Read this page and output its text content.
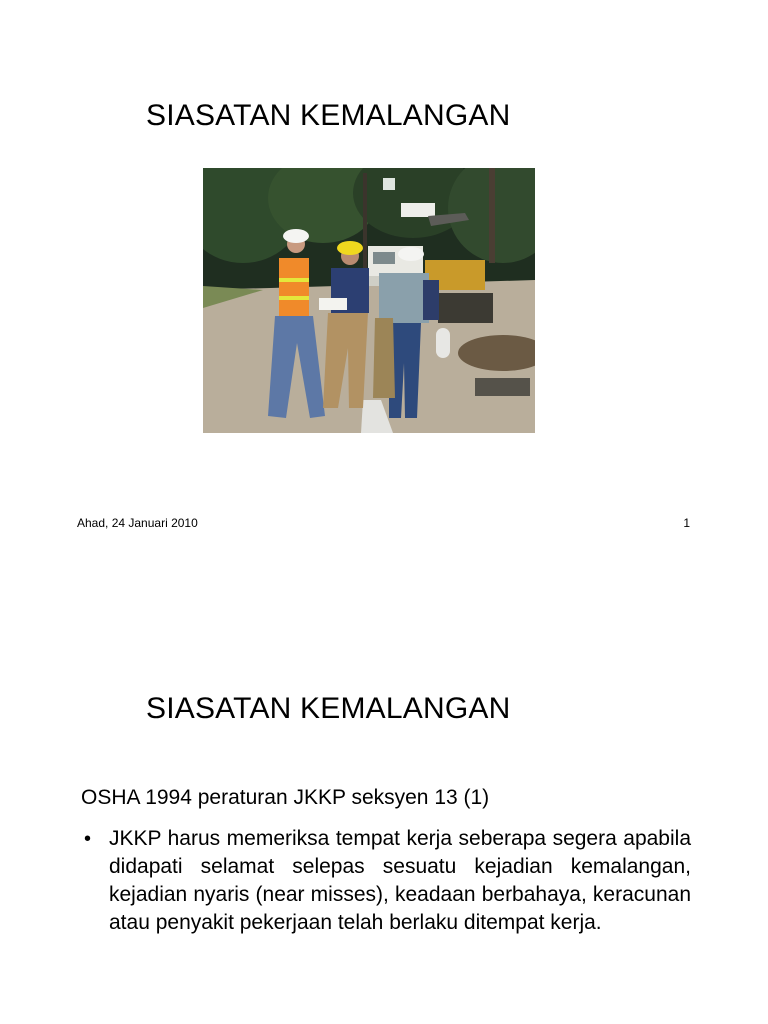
SIASATAN KEMALANGAN
Ahad, 24 Januari 2010	1
SIASATAN KEMALANGAN
OSHA 1994 peraturan JKKP seksyen 13 (1)
• JKKP harus memeriksa tempat kerja seberapa segera apabila didapati selamat selepas sesuatu kejadian kemalangan, kejadian nyaris (near misses), keadaan berbahaya, keracunan atau penyakit pekerjaan telah berlaku ditempat kerja.
